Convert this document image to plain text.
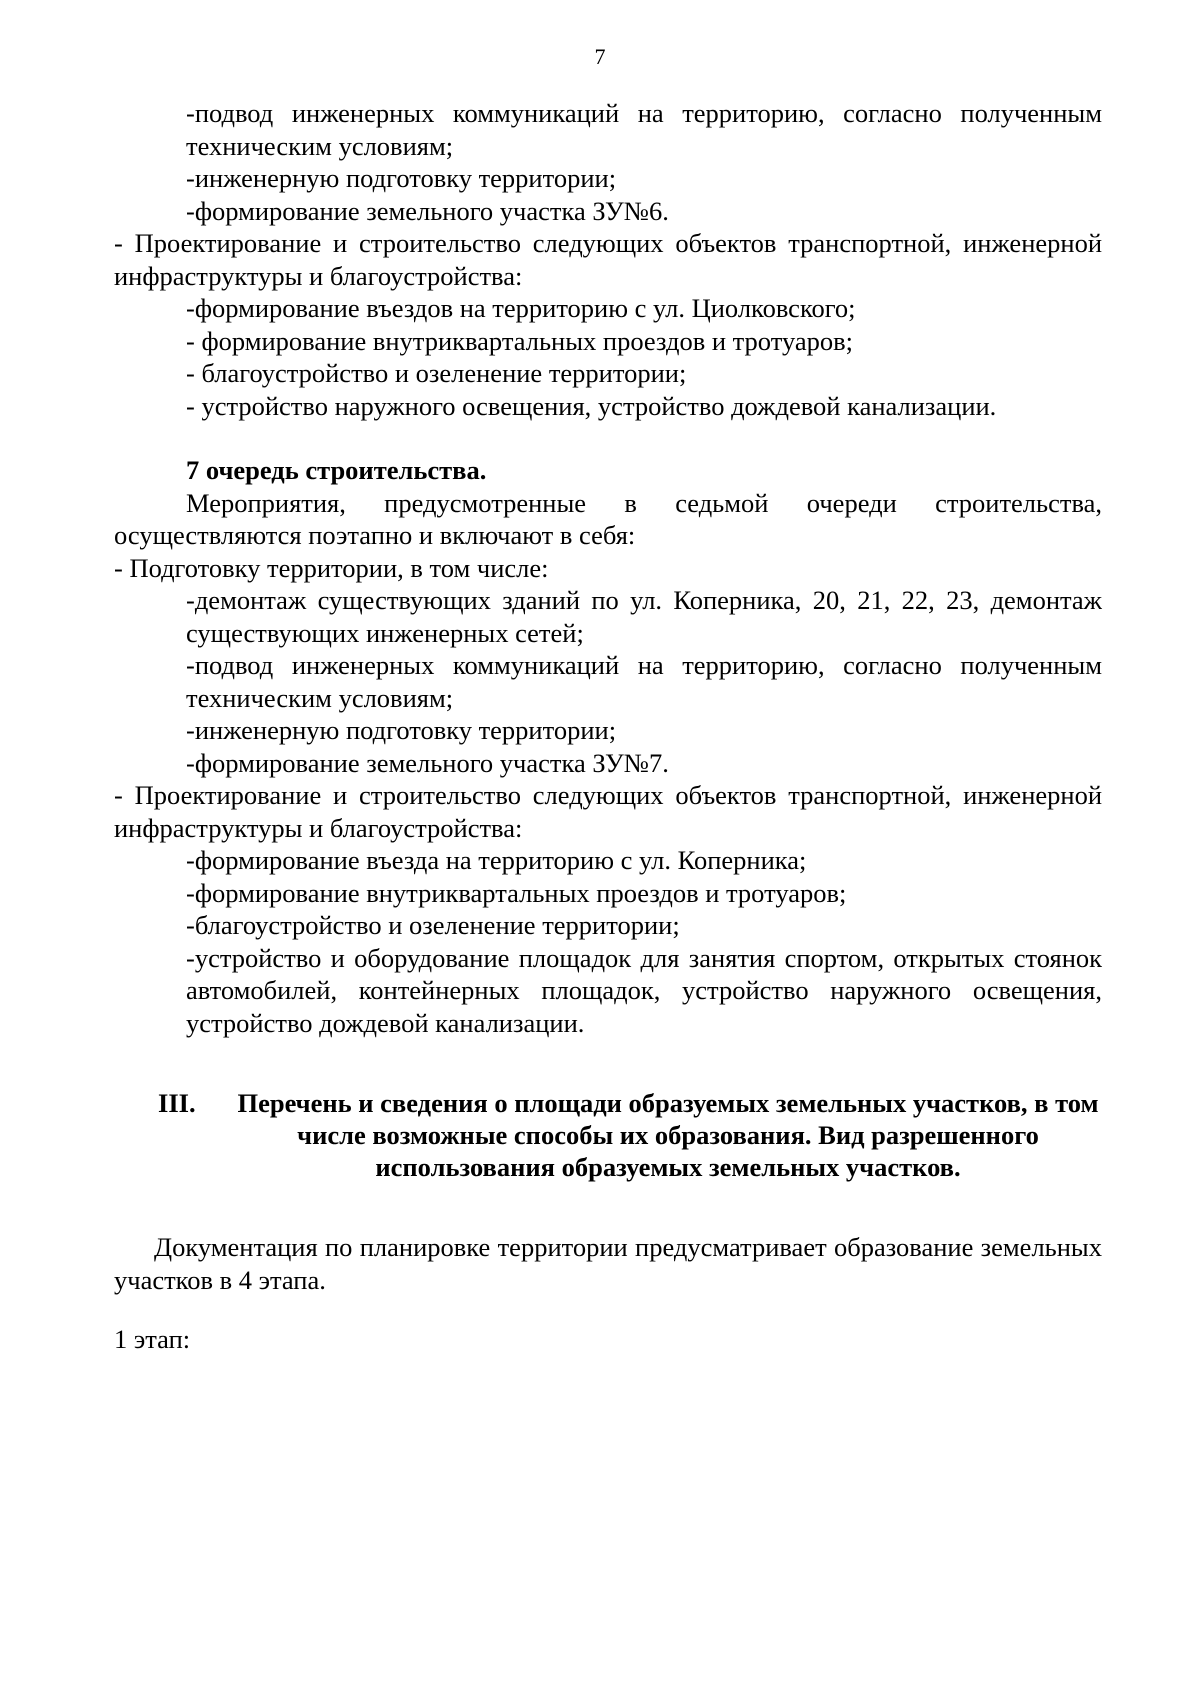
7
-подвод инженерных коммуникаций на территорию, согласно полученным техническим условиям;
-инженерную подготовку территории;
-формирование земельного участка ЗУ№6.
- Проектирование и строительство следующих объектов транспортной, инженерной инфраструктуры и благоустройства:
-формирование въездов на территорию с ул. Циолковского;
- формирование внутриквартальных проездов и тротуаров;
- благоустройство и озеленение территории;
- устройство наружного освещения, устройство дождевой канализации.
7 очередь строительства.
Мероприятия, предусмотренные в седьмой очереди строительства, осуществляются поэтапно и включают в себя:
- Подготовку территории, в том числе:
-демонтаж существующих зданий по ул. Коперника, 20, 21, 22, 23, демонтаж существующих инженерных сетей;
-подвод инженерных коммуникаций на территорию, согласно полученным техническим условиям;
-инженерную подготовку территории;
-формирование земельного участка ЗУ№7.
- Проектирование и строительство следующих объектов транспортной, инженерной инфраструктуры и благоустройства:
-формирование въезда на территорию с ул. Коперника;
-формирование внутриквартальных проездов и тротуаров;
-благоустройство и озеленение территории;
-устройство и оборудование площадок для занятия спортом, открытых стоянок автомобилей, контейнерных площадок, устройство наружного освещения, устройство дождевой канализации.
III. Перечень и сведения о площади образуемых земельных участков, в том числе возможные способы их образования. Вид разрешенного использования образуемых земельных участков.
Документация по планировке территории предусматривает образование земельных участков в 4 этапа.
1 этап:
